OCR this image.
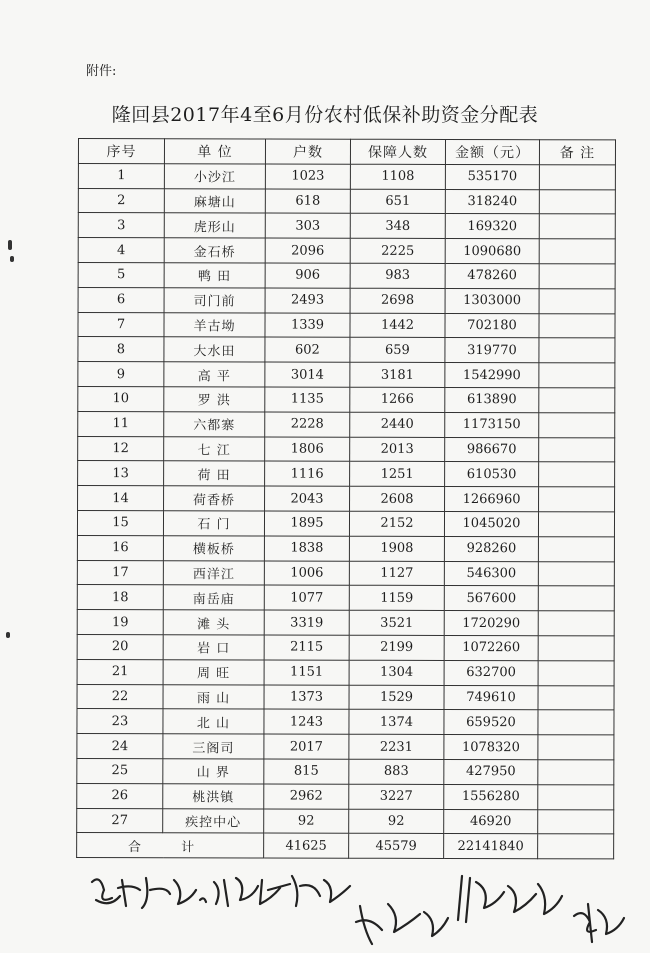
附件:
隆回县2017年4至6月份农村低保补助资金分配表
序号	单 位	户数	保障人数	金额（元）	备 注
1	小沙江	1023	1108	535170	
2	麻塘山	618	651	318240	
3	虎形山	303	348	169320	
4	金石桥	2096	2225	1090680	
5	鸭 田	906	983	478260	
6	司门前	2493	2698	1303000	
7	羊古坳	1339	1442	702180	
8	大水田	602	659	319770	
9	高 平	3014	3181	1542990	
10	罗 洪	1135	1266	613890	
11	六都寨	2228	2440	1173150	
12	七 江	1806	2013	986670	
13	荷 田	1116	1251	610530	
14	荷香桥	2043	2608	1266960	
15	石 门	1895	2152	1045020	
16	横板桥	1838	1908	928260	
17	西洋江	1006	1127	546300	
18	南岳庙	1077	1159	567600	
19	滩 头	3319	3521	1720290	
20	岩 口	2115	2199	1072260	
21	周 旺	1151	1304	632700	
22	雨 山	1373	1529	749610	
23	北 山	1243	1374	659520	
24	三阁司	2017	2231	1078320	
25	山 界	815	883	427950	
26	桃洪镇	2962	3227	1556280	
27	疾控中心	92	92	46920	
合 计		41625	45579	22141840	
